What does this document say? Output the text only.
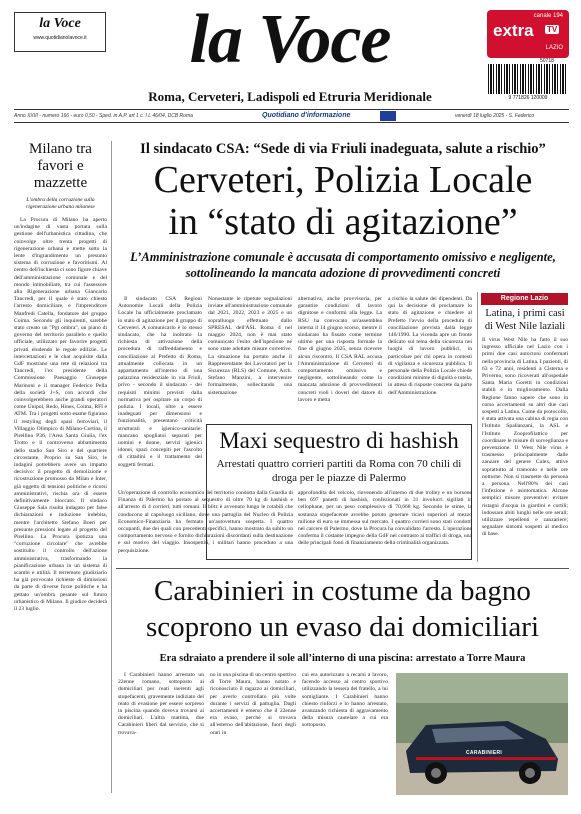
la Voce
www.quotidianolavoce.it	la Voce
Roma, Cerveteri, Ladispoli ed Etruria Meridionale
canale 194
extra TV
LAZIO
50718
9 771826 120009
Anno XXIII - numero 166 - euro 0,50 - Sped. in A.P. art 1 c. I L 46/04, DCB Roma	Quotidiano d'informazione	venerdì 18 luglio 2025 - S. Federico
Milano tra favori e mazzette
L'ombra della corruzione sulla rigenerazione urbana milanese
La Procura di Milano ha aperto un'indagine di vasta portata sulla gestione dell'urbanistica cittadina, che coinvolge oltre trenta progetti di rigenerazione urbana e mette sotto la lente d'ingrandimento un presunto sistema di corruzione e favoritismi. Al centro dell'inchiesta ci sono figure chiave dell'amministrazione comunale e del mondo immobiliare, tra cui l'assessore alla Rigenerazione urbana Giancarlo Tancredi, per il quale è stato chiesto l'arresto domiciliare, e l'imprenditore Manfredi Catella, fondatore del gruppo Coima. Secondo gli inquirenti, sarebbe stato creato un "Pgt ombra", un piano di governo del territorio parallelo e quello ufficiale, utilizzato per favorire progetti privati eludendo le regole edilizie. Le intercettazioni e le chat acquisite dalla GdF mostrano una rete di relazioni tra Tancredi, l'ex presidente della Commissione Paesaggio Giuseppe Marinoni e il manager Federico Pella della società J+S, con accordi che coinvolgerebbero anche grandi operatori come Unipol, Redo, Hines, Coima, RFI e ATM. Tra i progetti sotto esame figurano il restyling degli spazi ferroviari, il Villaggio Olimpico di Milano-Cortina, il Pirellino P36, l'Area Santa Giulia, l'ex Trotto e il controverso abbattimento dello stadio San Siro e del quartiere circostante. Proprio su San Siro, le indagini potrebbero avere un impatto decisivo: il progetto di demolizione e ricostruzione promosso da Milan e Inter, già oggetto di tensioni politiche e ricorsi amministrativi, rischia ora di essere definitivamente bloccato. Il sindaco Giuseppe Sala risulta indagato per false dichiarazioni e induzione indebita, mentre l'architetto Stefano Boeri per presunte pressioni legate al progetto del Pirellino. La Procura ipotizza una "corruzione circolare" che avrebbe sostituito il controllo dell'azione amministrativa, trasformando la pianificazione urbana in un sistema di scambi e utilità. Il terremoto giudiziario ha già provocato richieste di dimissioni da parte di diverse forze politiche e ha gettato un'ombra pesante sul futuro urbanistico di Milano. Il giudice deciderà il 23 luglio.
Il sindacato CSA: “Sede di via Friuli inadeguata, salute a rischio”
Cerveteri, Polizia Locale
in “stato di agitazione”
L’Amministrazione comunale è accusata di comportamento omissivo e negligente, sottolineando la mancata adozione di provvedimenti concreti
Il sindacato CSA Regioni Autonomie Locali della Polizia Locale ha ufficialmente proclamato lo stato di agitazione per il gruppo di Cerveteri. A comunicarlo è lo stesso sindacato, che ha inoltrato la richiesta di attivazione della procedura di raffreddamento e conciliazione al Prefetto di Roma, attualmente collocata in un appartamento all'interno di una palazzina residenziale in via Friuli, privo - secondo il sindacato - dei requisiti minimi previsti dalla normativa per ospitare un corpo di polizia. I locali, oltre a essere inadeguati per dimensioni e funzionalità, presentano criticità strutturali e igienico-sanitarie: mancano spogliatoi separati per uomini e donne, servizi igienici idonei, spazi concepiti per l'ascolto di cittadini e il trattamento dei soggetti fermati.
Nonostante le ripetute segnalazioni inviate all'amministrazione comunale dal 2021, 2022, 2023 e 2025 e un sopralluogo effettuato dallo SPRESAL dell'ASL Roma 4 nel maggio 2024, non è mai stato comunicato l'esito dell'ispezione né sono state adottate misure correttive. La situazione ha portato anche il Rappresentante dei Lavoratori per la Sicurezza (RLS) del Comune, Arch. Stefano Manzini, a intervenire formalmente, sollecitando una sistemazione
alternativa, anche provvisoria, per garantire condizioni di lavoro dignitose e conformi alla legge. La RSU ha convocato un'assemblea interna il 14 giugno scorso, mentre il sindacato ha fissato come termine ultimo per una risposta formale la fine di giugno 2025, senza ricevere alcun riscontro. Il CSA RAL accusa l'Amministrazione di Cerveteri di comportamento omissivo e negligente, sottolineando come la mancata adozione di provvedimenti concreti violi i doveri del datore di lavoro e metta
a rischio la salute dei dipendenti. Da qui la decisione di proclamare lo stato di agitazione e chiedere al Prefetto l'avvio della procedura di conciliazione prevista dalla legge 146/1990. La vicenda apre un fronte delicato sul tema della sicurezza nei luoghi di lavoro pubblici, in particolare per chi opera in contesti di vigilanza e sicurezza pubblica. Il personale della Polizia Locale chiede condizioni minime di dignità e tutela, in attesa di risposte concrete da parte dell'Amministrazione.
Maxi sequestro di hashish
Arrestati quattro corrieri partiti da Roma con 70 chili di droga per le piazze di Palermo
Un'operazione di controllo economico del territorio condotta dalla Guardia di Finanza di Palermo ha portato al sequestro di oltre 70 kg di hashish e all'arresto di 4 corrieri, tutti romani. Il blitz è avvenuto lungo le rotabili che conducono al capoluogo siciliano, dove una pattuglia del Nucleo di Polizia Economico-Finanziaria ha fermato un'autovettura sospetta. I quattro occupanti, due dei quali con precedenti specifici, hanno mostrato da subito un comportamento nervoso e fornito dichiarazioni discordanti sulla destinazione e sul motivo del viaggio. Insospettiti, i militari hanno proceduto a una perquisizione.
approfondita del veicolo, rinvenendo all'interno di due trolley e un borsone ben 697 panetti di hashish, confezionati in 31 involucri sigillati in cellophane, per un peso complessivo di 70,668 kg. Secondo le stime, la sostanza stupefacente avrebbe potuto generare ricavi superiori al mezzo milione di euro se immessa sul mercato. I quattro corrieri sono stati condotti nel carcere di Palermo, dove la Procura ha convalidato l'arresto. L'operazione conferma il costante impegno della GdF nel contrasto ai traffici di droga, una delle principali fonti di finanziamento della criminalità organizzata.
Regione Lazio
Latina, i primi casi di West Nile laziali
Il virus West Nile ha fatto il suo ingresso ufficiale nel Lazio con i primi due casi autoctoni confermati nella provincia di Latina. I pazienti, di 63 e 72 anni, residenti a Cisterna e Priverno, sono ricoverati all'ospedale Santa Maria Goretti in condizioni stabili e in miglioramento. Dalla Regione fanno sapere che sono in corso accertamenti su altri due casi sospetti a Latina. Come da protocollo, è stata attivata una cabina di regia con l'Istituto Spallanzani, la ASL e l'Istituto Zooprofilattico per coordinare le misure di sorveglianza e prevenzione. Il West Nile virus è trasmesso principalmente dalle zanzare del genere Culex, attive soprattutto al tramonto e nelle ore notturne. Non si trasmette da persona a persona. Nell'80% dei casi l'infezione è asintomatica. Alcune semplici misure preventive: evitare ristagni d'acqua in giardini e cortili; indossare abiti lunghi nelle ore serali; utilizzare repellenti e zanzariere; segnalare sintomi sospetti al medico di base.
Carabinieri in costume da bagno
scoprono un evaso dai domiciliari
Era sdraiato a prendere il sole all’interno di una piscina: arrestato a Torre Maura
I Carabinieri hanno arrestato un 22enne romano, sottoposto ai domiciliari per reati inerenti agli stupefacenti, gravemente indiziato del reato di evasione per essere sorpreso in piscina quando doveva trovarsi ai domiciliari. L'altra mattina, due Carabinieri liberi dal servizio, che si trovava-
no in una piscina di un centro sportivo di Torre Maura, hanno notato e riconosciuto il ragazzo ai domiciliari, per averlo controllato più volte durante i servizi di pattuglia. Dagli accertamenti è emerso che il 22enne era evaso, perché si trovava all'esterno dell'abitazione, fuori degli orari in
cui era autorizzato a recarsi a lavoro, facendo accesso al centro sportivo utilizzando la tessera del fratello, a lui somigliante. I Carabinieri hanno chiesto rinforzi e lo hanno arrestato, avanzando richiesta di aggravamento della misura cautelare a cui era sottoposto.
CARABINIERI
